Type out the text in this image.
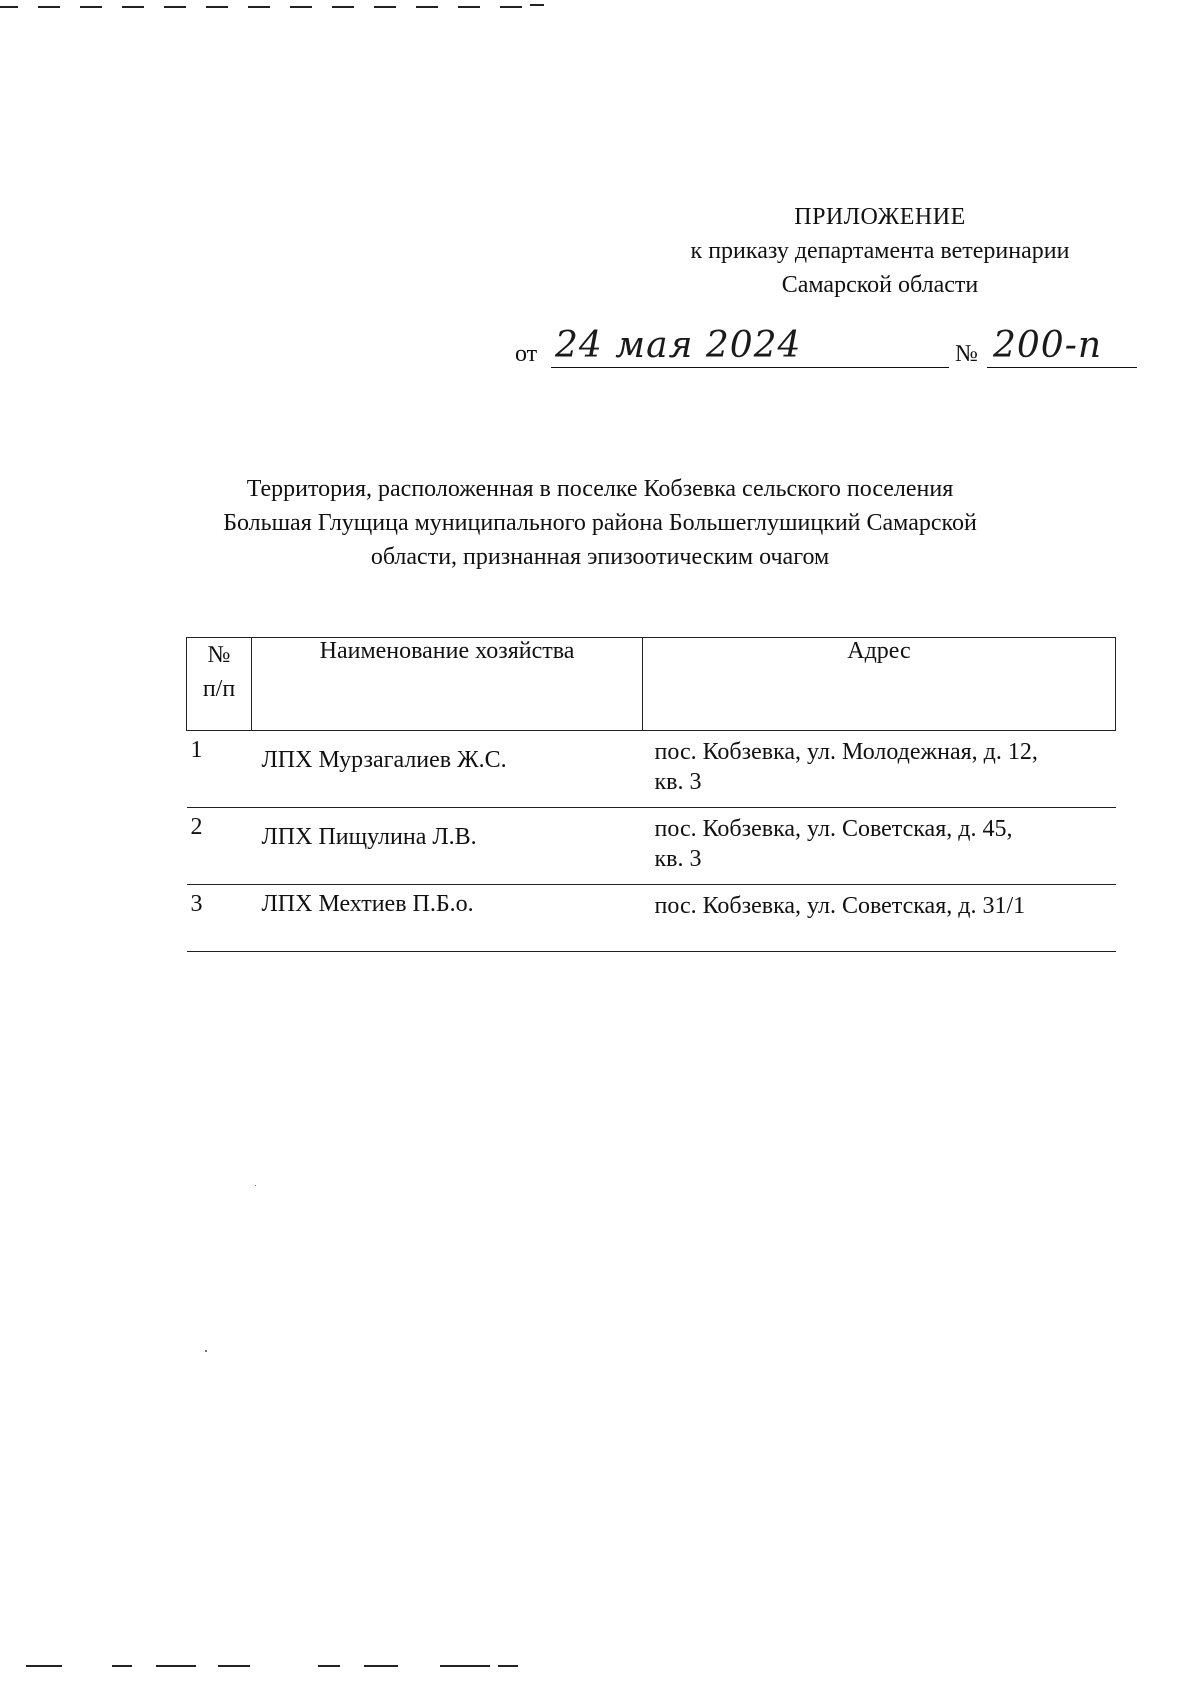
ПРИЛОЖЕНИЕ
к приказу департамента ветеринарии
Самарской области
от 24 мая 2024	№ 200-п
Территория, расположенная в поселке Кобзевка сельского поселения
Большая Глущица муниципального района Большеглушицкий Самарской
области, признанная эпизоотическим очагом
№
п/п	Наименование хозяйства	Адрес
1	ЛПХ Мурзагалиев Ж.С.	пос. Кобзевка, ул. Молодежная, д. 12,
кв. 3

2	ЛПХ Пищулина Л.В.	пос. Кобзевка, ул. Советская, д. 45,
кв. 3

3	ЛПХ Мехтиев П.Б.о.	пос. Кобзевка, ул. Советская, д. 31/1
